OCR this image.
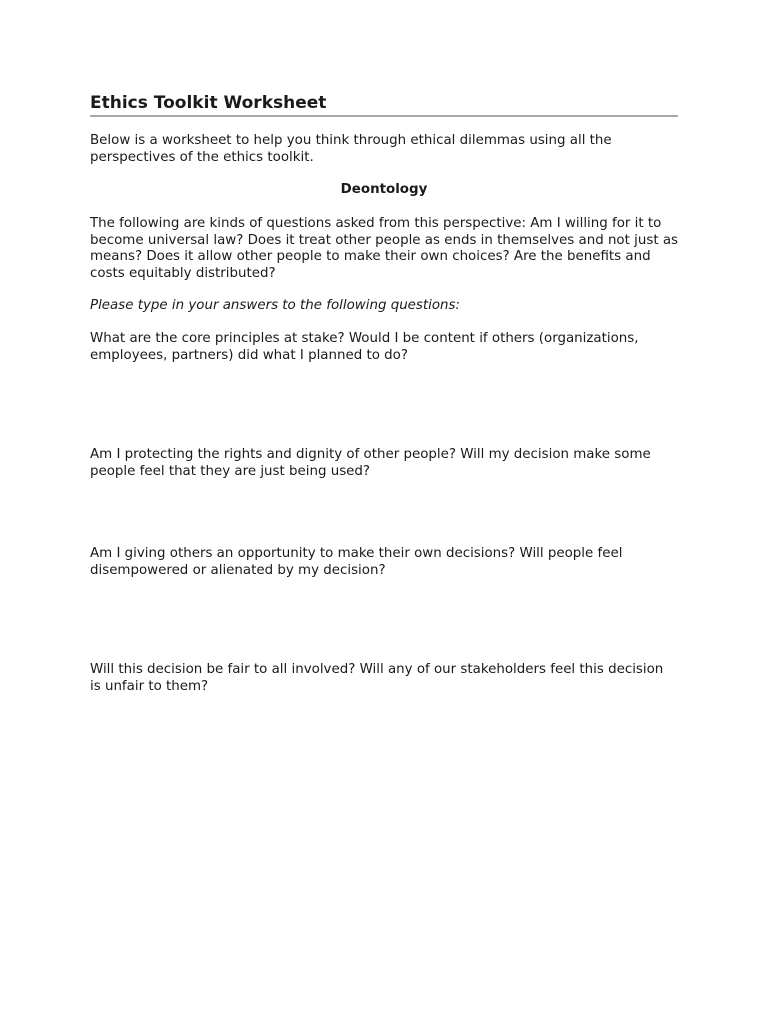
Ethics Toolkit Worksheet

Below is a worksheet to help you think through ethical dilemmas using all the perspectives of the ethics toolkit.

Deontology

The following are kinds of questions asked from this perspective: Am I willing for it to become universal law? Does it treat other people as ends in themselves and not just as means? Does it allow other people to make their own choices? Are the benefits and costs equitably distributed?

Please type in your answers to the following questions:

What are the core principles at stake? Would I be content if others (organizations, employees, partners) did what I planned to do?

Am I protecting the rights and dignity of other people? Will my decision make some people feel that they are just being used?

Am I giving others an opportunity to make their own decisions? Will people feel disempowered or alienated by my decision?

Will this decision be fair to all involved? Will any of our stakeholders feel this decision is unfair to them?
